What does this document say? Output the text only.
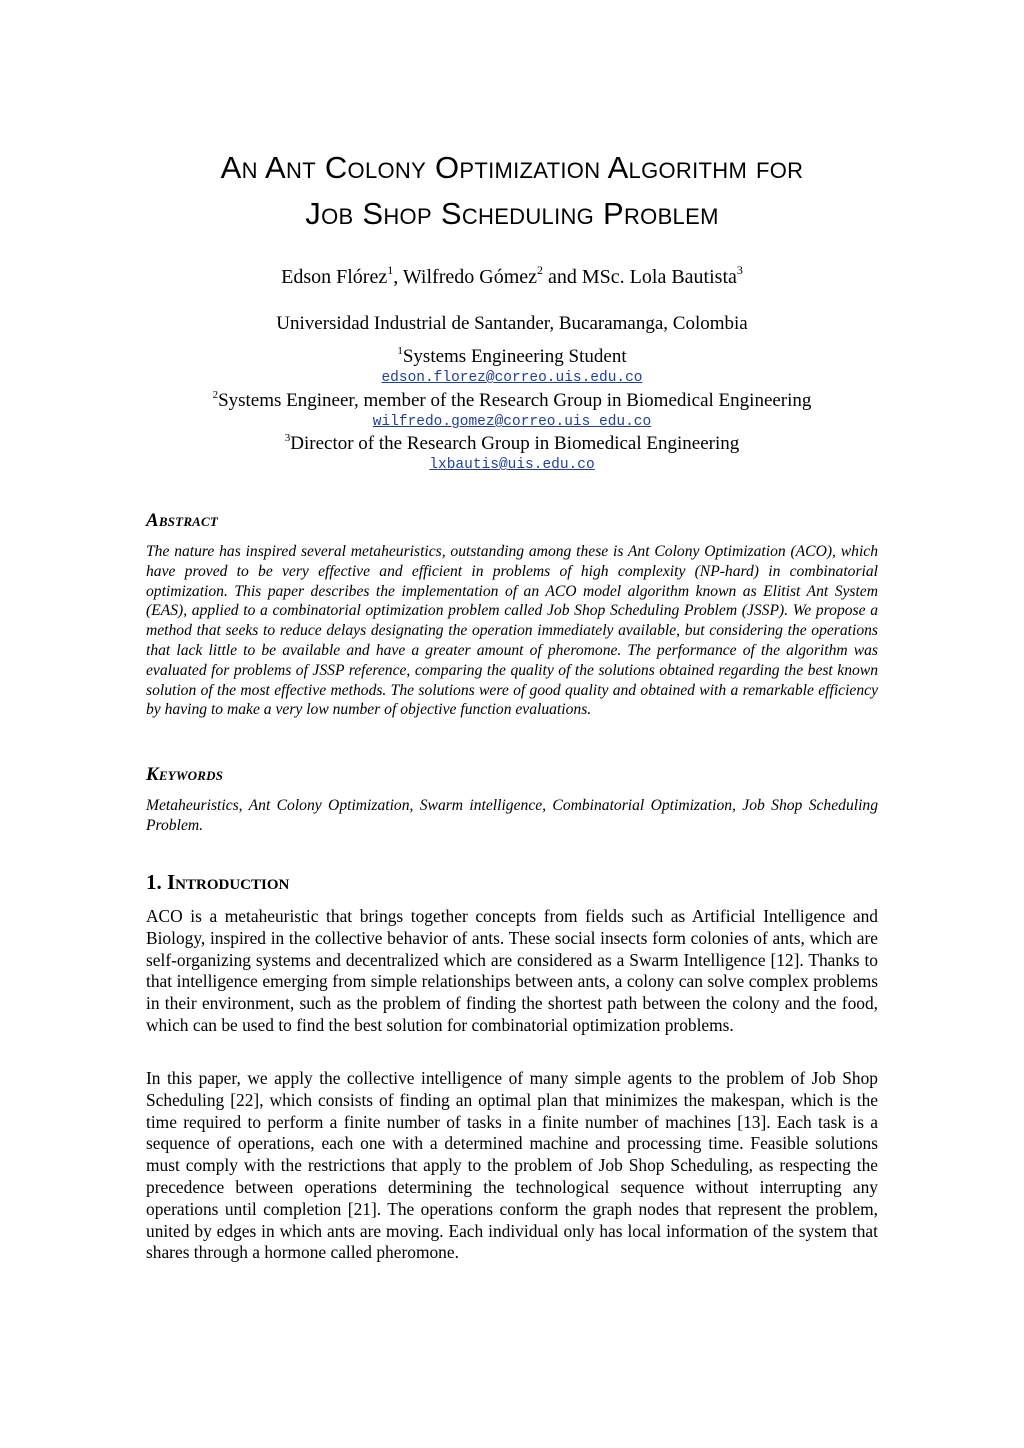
An Ant Colony Optimization Algorithm for
Job Shop Scheduling Problem

Edson Flórez$^1$, Wilfredo Gómez$^2$ and MSc. Lola Bautista$^3$

Universidad Industrial de Santander, Bucaramanga, Colombia

$^1$Systems Engineering Student

edson.florez@correo.uis.edu.co

$^2$Systems Engineer, member of the Research Group in Biomedical Engineering

wilfredo.gomez@correo.uis edu.co

$^3$Director of the Research Group in Biomedical Engineering

lxbautis@uis.edu.co

Abstract

The nature has inspired several metaheuristics, outstanding among these is Ant Colony Optimization (ACO), which have proved to be very effective and efficient in problems of high complexity (NP-hard) in combinatorial optimization. This paper describes the implementation of an ACO model algorithm known as Elitist Ant System (EAS), applied to a combinatorial optimization problem called Job Shop Scheduling Problem (JSSP). We propose a method that seeks to reduce delays designating the operation immediately available, but considering the operations that lack little to be available and have a greater amount of pheromone. The performance of the algorithm was evaluated for problems of JSSP reference, comparing the quality of the solutions obtained regarding the best known solution of the most effective methods. The solutions were of good quality and obtained with a remarkable efficiency by having to make a very low number of objective function evaluations.

Keywords

Metaheuristics, Ant Colony Optimization, Swarm intelligence, Combinatorial Optimization, Job Shop Scheduling Problem.

1. Introduction

ACO is a metaheuristic that brings together concepts from fields such as Artificial Intelligence and Biology, inspired in the collective behavior of ants. These social insects form colonies of ants, which are self-organizing systems and decentralized which are considered as a Swarm Intelligence [12]. Thanks to that intelligence emerging from simple relationships between ants, a colony can solve complex problems in their environment, such as the problem of finding the shortest path between the colony and the food, which can be used to find the best solution for combinatorial optimization problems.

In this paper, we apply the collective intelligence of many simple agents to the problem of Job Shop Scheduling [22], which consists of finding an optimal plan that minimizes the makespan, which is the time required to perform a finite number of tasks in a finite number of machines [13]. Each task is a sequence of operations, each one with a determined machine and processing time. Feasible solutions must comply with the restrictions that apply to the problem of Job Shop Scheduling, as respecting the precedence between operations determining the technological sequence without interrupting any operations until completion [21]. The operations conform the graph nodes that represent the problem, united by edges in which ants are moving. Each individual only has local information of the system that shares through a hormone called pheromone.
